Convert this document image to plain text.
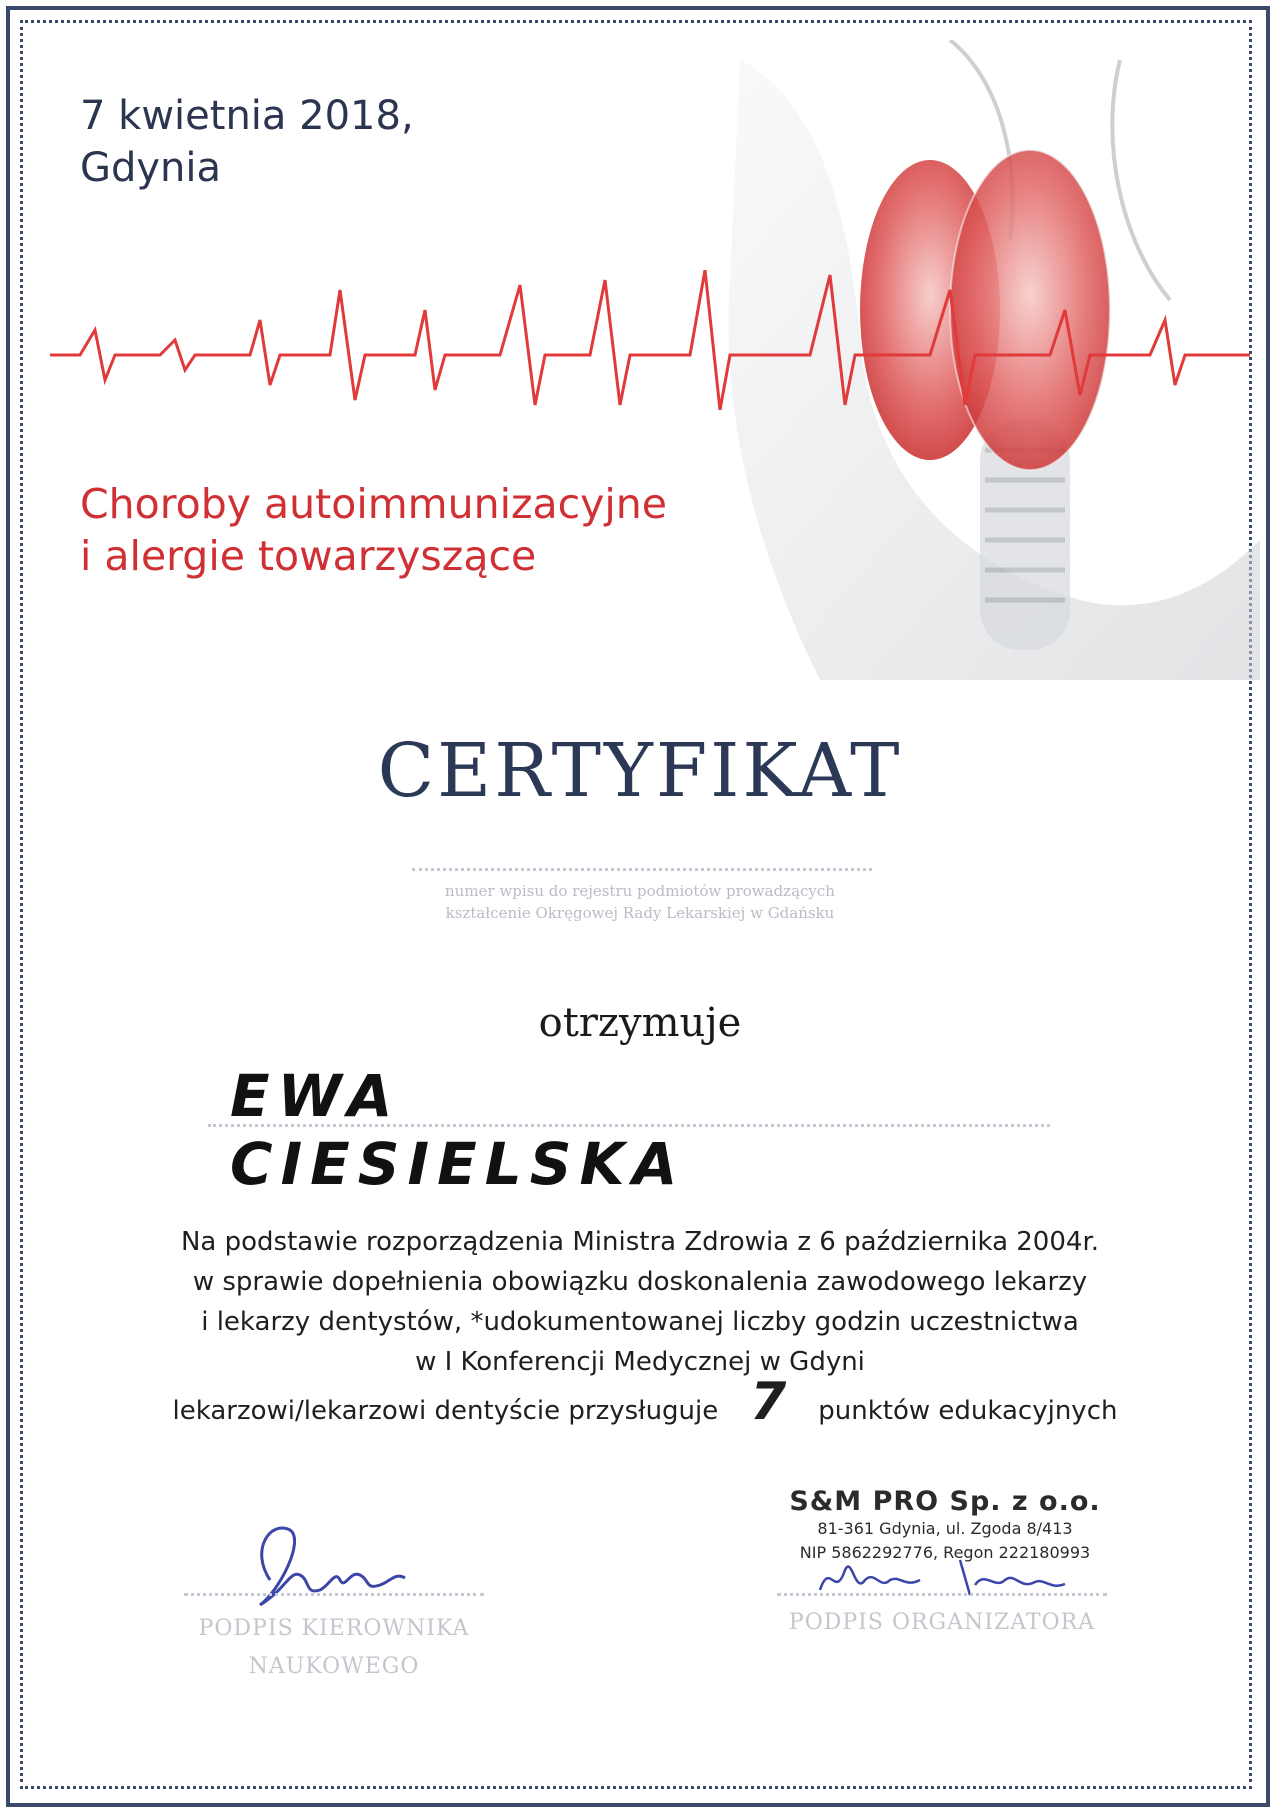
7 kwietnia 2018,
Gdynia
Choroby autoimmunizacyjne
i alergie towarzyszące
CERTYFIKAT
numer wpisu do rejestru podmiotów prowadzących
kształcenie Okręgowej Rady Lekarskiej w Gdańsku
otrzymuje
EWA CIESIELSKA
Na podstawie rozporządzenia Ministra Zdrowia z 6 października 2004r.
w sprawie dopełnienia obowiązku doskonalenia zawodowego lekarzy
i lekarzy dentystów, *udokumentowanej liczby godzin uczestnictwa
w I Konferencji Medycznej w Gdyni
lekarzowi/lekarzowi dentyście przysługuje 7	punktów edukacyjnych
S&M PRO Sp. z o.o.
81-361 Gdynia, ul. Zgoda 8/413
NIP 5862292776, Regon 222180993
PODPIS KIEROWNIKA
NAUKOWEGO
PODPIS ORGANIZATORA
